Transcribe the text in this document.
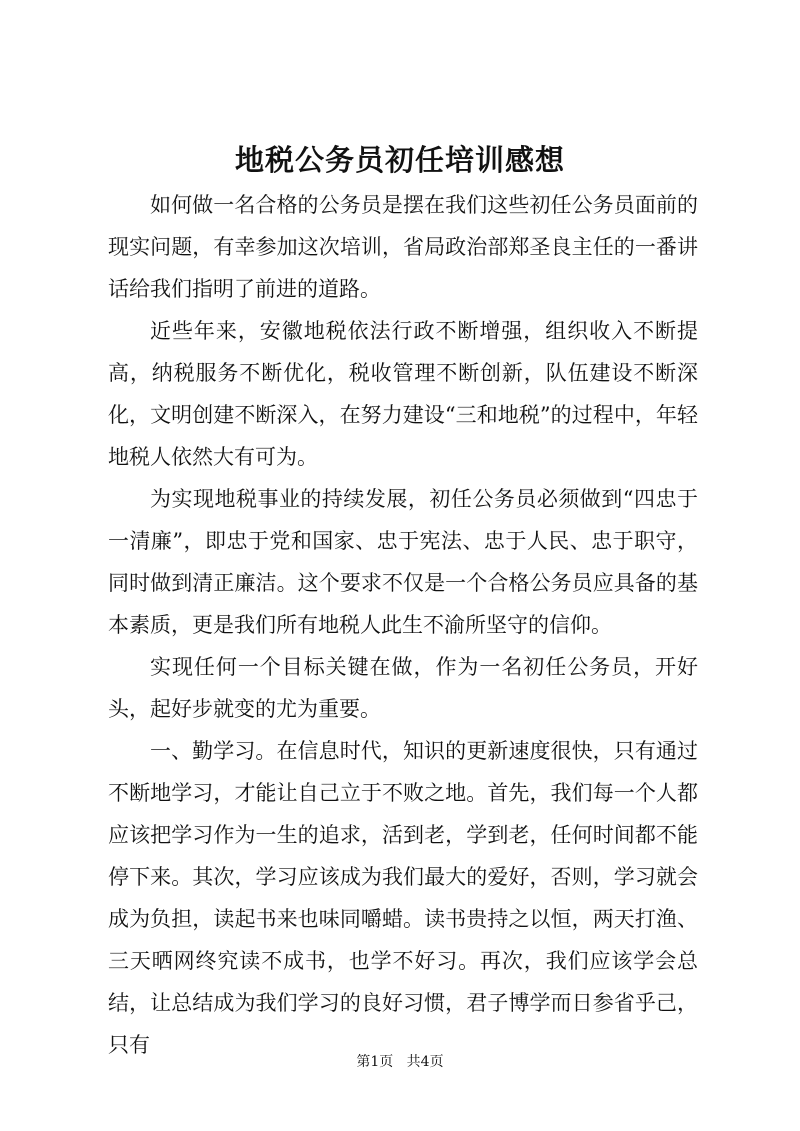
地税公务员初任培训感想

如何做一名合格的公务员是摆在我们这些初任公务员面前的现实问题，有幸参加这次培训，省局政治部郑圣良主任的一番讲话给我们指明了前进的道路。

近些年来，安徽地税依法行政不断增强，组织收入不断提高，纳税服务不断优化，税收管理不断创新，队伍建设不断深化，文明创建不断深入，在努力建设“三和地税”的过程中，年轻地税人依然大有可为。

为实现地税事业的持续发展，初任公务员必须做到“四忠于一清廉”，即忠于党和国家、忠于宪法、忠于人民、忠于职守，同时做到清正廉洁。这个要求不仅是一个合格公务员应具备的基本素质，更是我们所有地税人此生不渝所坚守的信仰。

实现任何一个目标关键在做，作为一名初任公务员，开好头，起好步就变的尤为重要。

一、勤学习。在信息时代，知识的更新速度很快，只有通过不断地学习，才能让自己立于不败之地。首先，我们每一个人都应该把学习作为一生的追求，活到老，学到老，任何时间都不能停下来。其次，学习应该成为我们最大的爱好，否则，学习就会成为负担，读起书来也味同嚼蜡。读书贵持之以恒，两天打渔、三天晒网终究读不成书，也学不好习。再次，我们应该学会总结，让总结成为我们学习的良好习惯，君子博学而日参省乎己，只有

第1页 共4页
